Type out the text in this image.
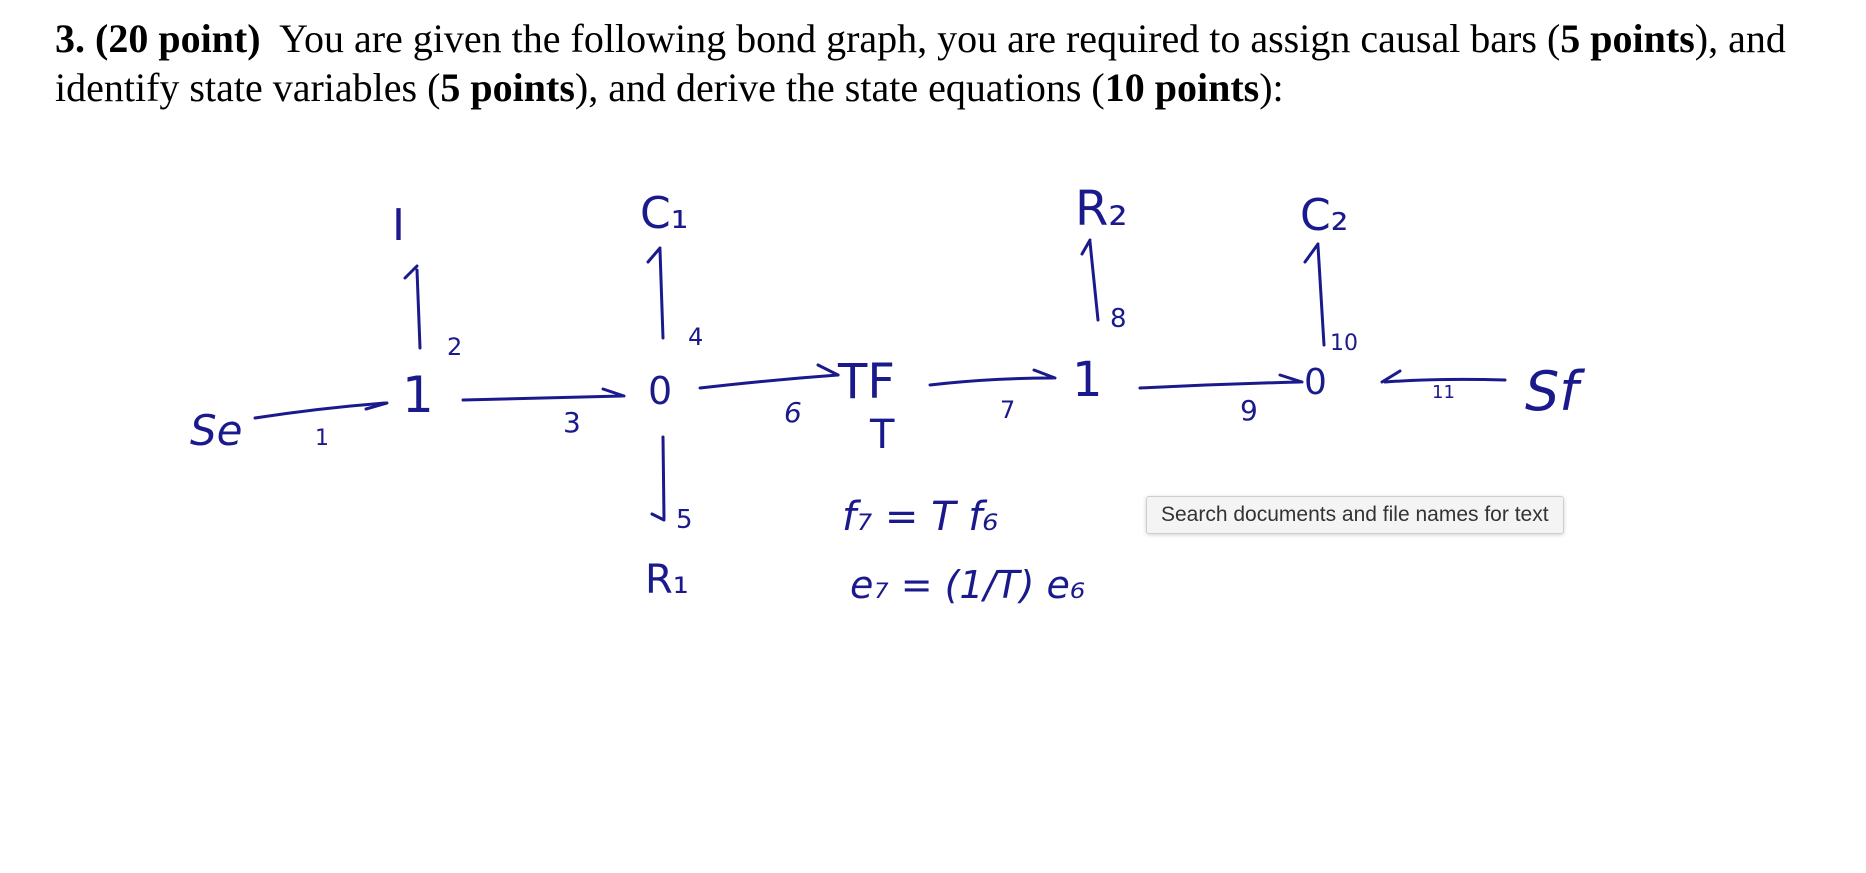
3. (20 point) You are given the following bond graph, you are required to assign causal bars (5 points), and identify state variables (5 points), and derive the state equations (10 points):
Se
I
1
C₁
0
R₁
TF
T
R₂
1
C₂
0	Sf
1
2
3
4
5
6	7
8
9
10
11
f₇ = T f₆
e₇ = (1/T) e₆
Search documents and file names for text
